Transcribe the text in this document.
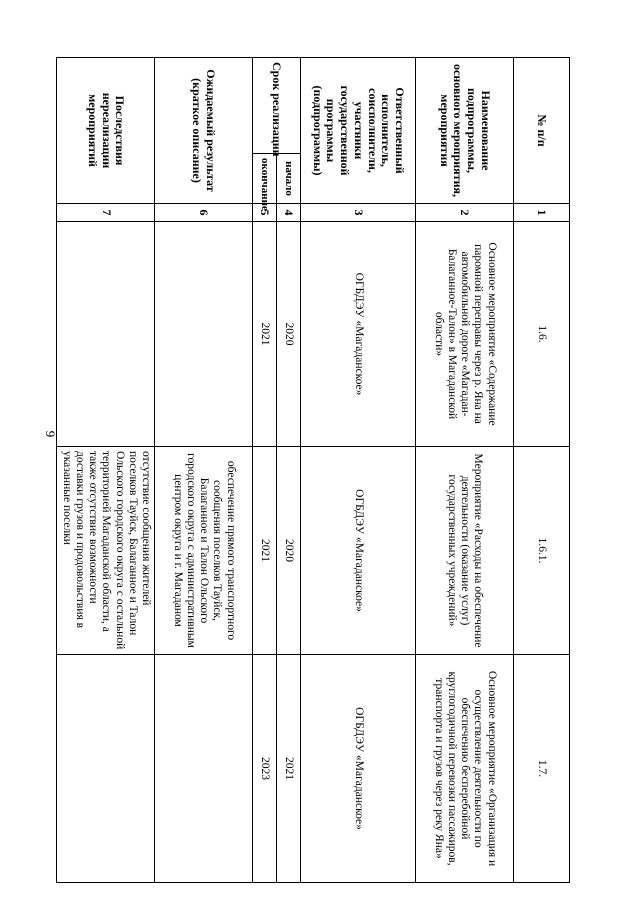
9
№ п/п		1	1.6.	1.6.1.	1.7.
Наименование подпрограммы, основного мероприятия, мероприятия		2	Основное мероприятие «Содержание паромной переправы через р. Яна на автомобильной дороге «Магадан-Балаганное-Талон» в Магаданской области»	Мероприятие «Расходы на обеспечение деятельности (оказание услуг) государственных учреждений»	Основное мероприятие «Организация и осуществление деятельности по обеспечению бесперебойной круглогодичной перевозки пассажиров, транспорта и грузов через реку Яна»
Ответственный исполнитель, соисполнители, участники государственной программы (подпрограммы)		3	ОГБДЭУ «Магаданское»	ОГБДЭУ «Магаданское»	ОГБДЭУ «Магаданское»
Срок реализации	начало	4	2020	2020	2021
	окончание	5	2021	2021	2023
Ожидаемый результат (краткое описание)		6		обеспечение прямого транспортного сообщения поселков Тауйск, Балаганное и Талон Ольского городского округа с административным центром округа и г. Магаданом	
Последствия нереализации мероприятий		7		отсутствие сообщения жителей поселков Тауйск, Балаганное и Талон Ольского городского округа с остальной территорией Магаданской области, а также отсутствие возможности доставки грузов и продовольствия в указанные поселки	
